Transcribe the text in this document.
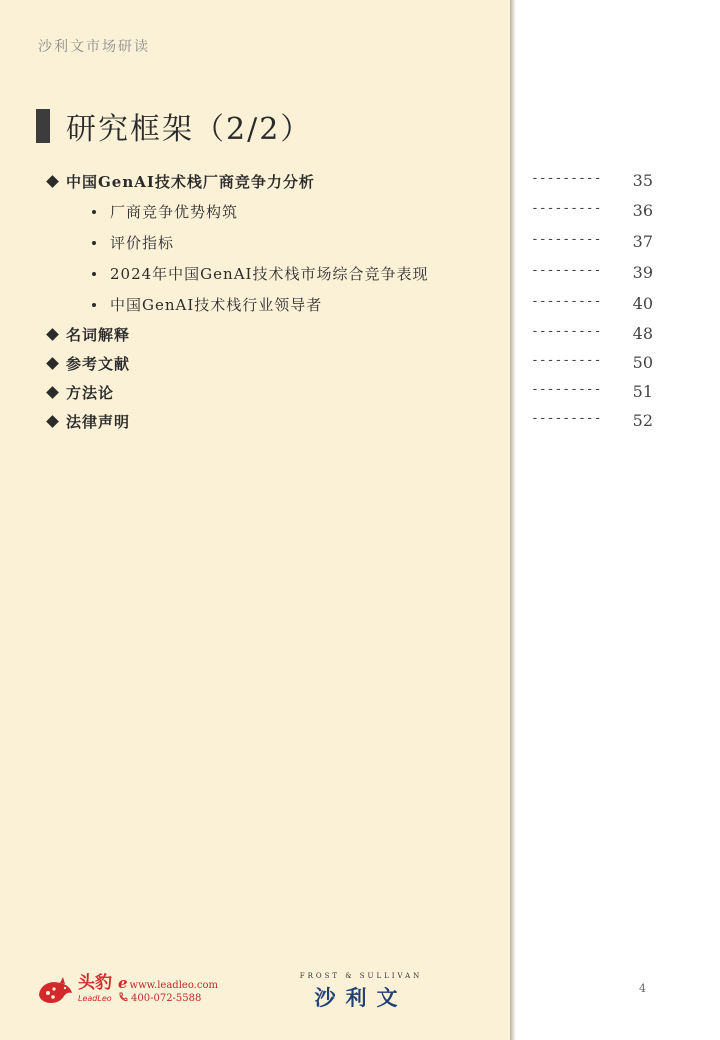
沙利文市场研读
研究框架（2/2）
中国GenAI技术栈厂商竞争力分析	--------- 35
厂商竞争优势构筑	--------- 36
评价指标	--------- 37
2024年中国GenAI技术栈市场综合竞争表现	--------- 39
中国GenAI技术栈行业领导者	--------- 40
名词解释	--------- 48
参考文献	--------- 50
方法论	--------- 51
法律声明	--------- 52
头豹
LeadLeo
ewww.leadleo.com
400-072-5588
FROST & SULLIVAN
沙利文	4
